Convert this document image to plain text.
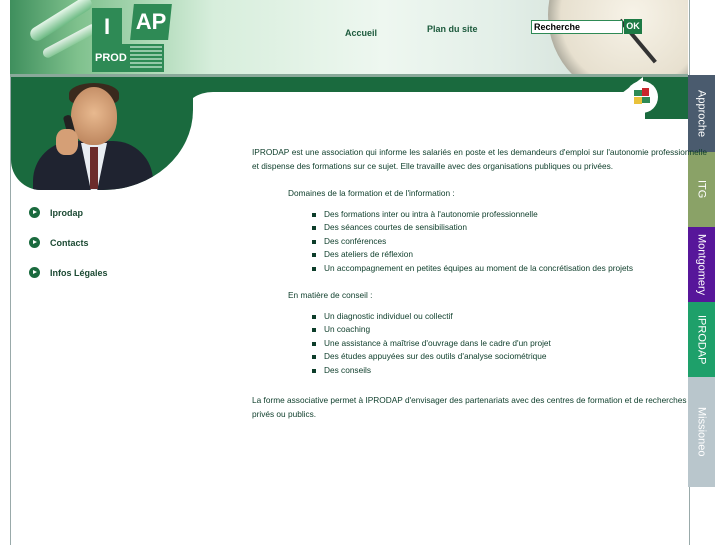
I	AP
PROD
Accueil	Plan du site
Recherche	OK
Iprodap
Contacts
Infos Légales
Approche
ITG
Montgomery
IPRODAP
Missioneo

IPRODAP est une association qui informe les salariés en poste et les demandeurs d'emploi sur l'autonomie professionnelle et dispense des formations sur ce sujet. Elle travaille avec des organisations publiques ou privées.

Domaines de la formation et de l'information :

Des formations inter ou intra à l'autonomie professionnelle
Des séances courtes de sensibilisation
Des conférences
Des ateliers de réflexion
Un accompagnement en petites équipes au moment de la concrétisation des projets

En matière de conseil :

Un diagnostic individuel ou collectif
Un coaching
Une assistance à maîtrise d'ouvrage dans le cadre d'un projet
Des études appuyées sur des outils d'analyse sociométrique
Des conseils

La forme associative permet à IPRODAP d'envisager des partenariats avec des centres de formation et de recherches privés ou publics.
